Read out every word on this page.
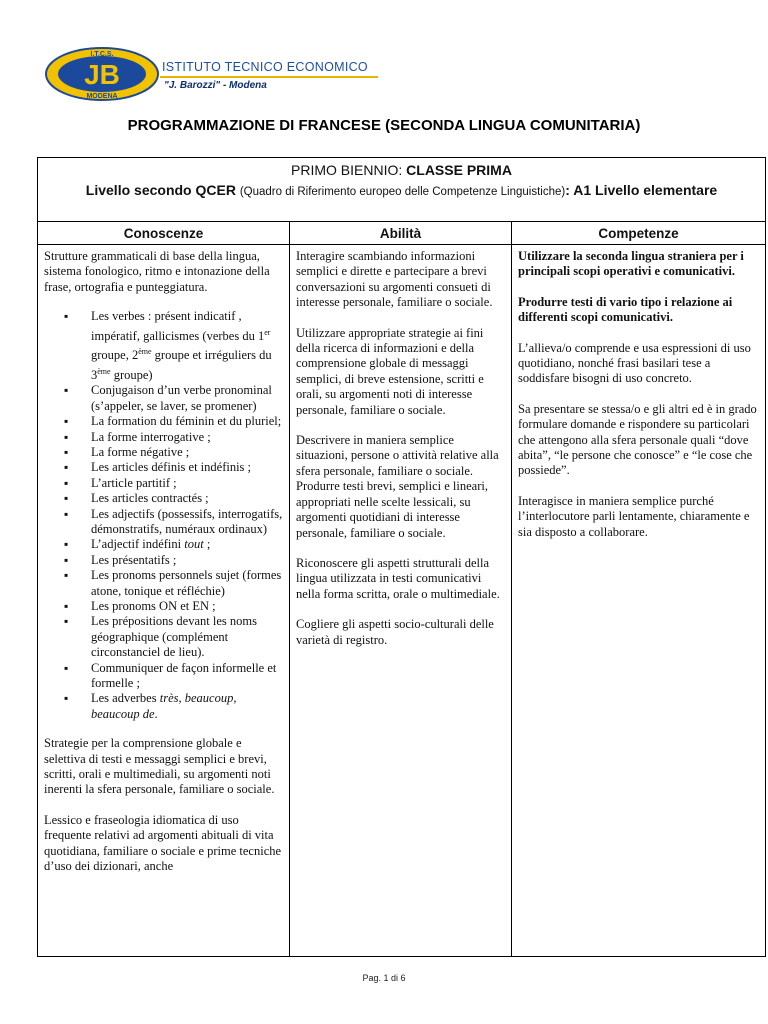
JB
I.T.C.S.
MODENA
ISTITUTO TECNICO ECONOMICO
"J. Barozzi" - Modena
PROGRAMMAZIONE DI FRANCESE (SECONDA LINGUA COMUNITARIA)
PRIMO BIENNIO: CLASSE PRIMA
Livello secondo QCER (Quadro di Riferimento europeo delle Competenze Linguistiche): A1 Livello elementare
Conoscenze	Abilità	Competenze

Strutture grammaticali di base della lingua, sistema fonologico, ritmo e intonazione della frase, ortografia e punteggiatura.

▪ Les verbes : présent indicatif , impératif, gallicismes (verbes du 1er groupe, 2ème groupe et irréguliers du 3ème groupe)
▪ Conjugaison d’un verbe pronominal (s’appeler, se laver, se promener)
▪ La formation du féminin et du pluriel;
▪ La forme interrogative ;
▪ La forme négative ;
▪ Les articles définis et indéfinis ;
▪ L’article partitif ;
▪ Les articles contractés ;
▪ Les adjectifs (possessifs, interrogatifs, démonstratifs, numéraux ordinaux)
▪ L’adjectif indéfini tout ;
▪ Les présentatifs ;
▪ Les pronoms personnels sujet (formes atone, tonique et réfléchie)
▪ Les pronoms ON et EN ;
▪ Les prépositions devant les noms géographique (complément circonstanciel de lieu).
▪ Communiquer de façon informelle et formelle ;
▪ Les adverbes très, beaucoup, beaucoup de.

Strategie per la comprensione globale e selettiva di testi e messaggi semplici e brevi, scritti, orali e multimediali, su argomenti noti inerenti la sfera personale, familiare o sociale.

Lessico e fraseologia idiomatica di uso frequente relativi ad argomenti abituali di vita quotidiana, familiare o sociale e prime tecniche d’uso dei dizionari, anche

Interagire scambiando informazioni semplici e dirette e partecipare a brevi conversazioni su argomenti consueti di interesse personale, familiare o sociale.

Utilizzare appropriate strategie ai fini della ricerca di informazioni e della comprensione globale di messaggi semplici, di breve estensione, scritti e orali, su argomenti noti di interesse personale, familiare o sociale.

Descrivere in maniera semplice situazioni, persone o attività relative alla sfera personale, familiare o sociale.

Produrre testi brevi, semplici e lineari, appropriati nelle scelte lessicali, su argomenti quotidiani di interesse personale, familiare o sociale.

Riconoscere gli aspetti strutturali della lingua utilizzata in testi comunicativi nella forma scritta, orale o multimediale.

Cogliere gli aspetti socio-culturali delle varietà di registro.

Utilizzare la seconda lingua straniera per i principali scopi operativi e comunicativi.

Produrre testi di vario tipo i relazione ai differenti scopi comunicativi.

L’allieva/o comprende e usa espressioni di uso quotidiano, nonché frasi basilari tese a soddisfare bisogni di uso concreto.

Sa presentare se stessa/o e gli altri ed è in grado formulare domande e rispondere su particolari che attengono alla sfera personale quali “dove abita”, “le persone che conosce” e “le cose che possiede”.

Interagisce in maniera semplice purché l’interlocutore parli lentamente, chiaramente e sia disposto a collaborare.

Pag. 1 di 6
